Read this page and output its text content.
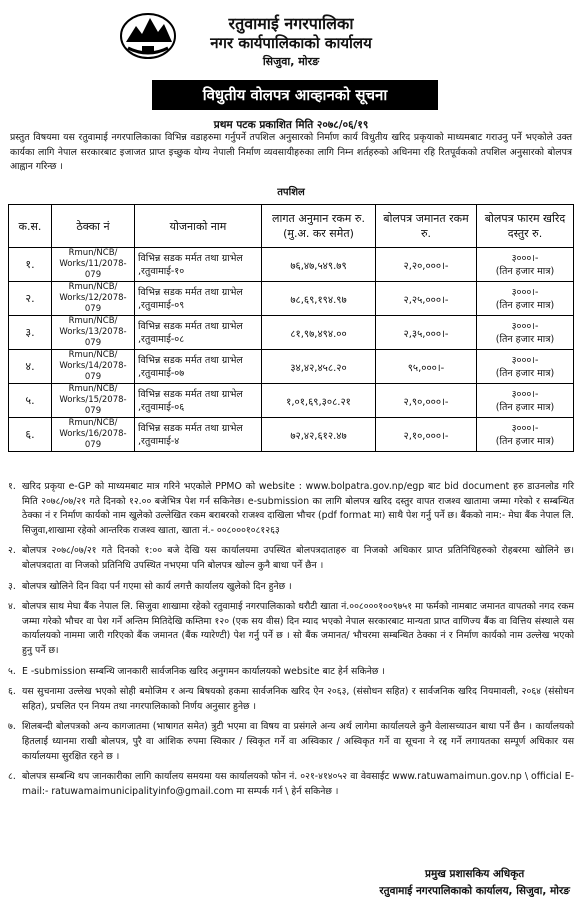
रतुवामाई नगरपालिका
नगर कार्यपालिकाको कार्यालय
सिजुवा, मोरङ
विधुतीय वोलपत्र आव्हानको सूचना
प्रथम पटक प्रकाशित मिति २०७८/०६/१९
प्रस्तुत विषयमा यस रतुवामाई नगरपालिकाका विभिन्न वडाहरुमा गर्नुपर्ने तपशिल अनुसारको निर्माण कार्य विधुतीय खरिद प्रकृयाको माध्यमबाट गराउनु पर्ने भएकोले उक्त कार्यका लागि नेपाल सरकारबाट इजाजत प्राप्त इच्छुक योग्य नेपाली निर्माण व्यवसायीहरुका लागि निम्न शर्तहरुको अधिनमा रहि रितपूर्वकको तपशिल अनुसारको बोलपत्र आह्वान गरिन्छ ।
तपशिल
क.स.	ठेक्का नं	योजनाको नाम	लागत अनुमान रकम रु. (मु.अ. कर समेत)	बोलपत्र जमानत रकम रु.	बोलपत्र फारम खरिद दस्तुर रु.
१.	Rmun/NCB/ Works/11/2078-079	विभिन्न सडक मर्मत तथा ग्राभेल ,रतुवामाई-१०	७६,४७,५४९.७९	२,२०,०००।-	३०००।-
(तिन हजार मात्र)

२.	Rmun/NCB/ Works/12/2078-079	विभिन्न सडक मर्मत तथा ग्राभेल ,रतुवामाई-०९	७८,६९,१९४.९७	२,२५,०००।-	३०००।-
(तिन हजार मात्र)

३.	Rmun/NCB/ Works/13/2078-079	विभिन्न सडक मर्मत तथा ग्राभेल ,रतुवामाई-०८	८१,९७,४९४.००	२,३५,०००।-	३०००।-
(तिन हजार मात्र)

४.	Rmun/NCB/ Works/14/2078-079	विभिन्न सडक मर्मत तथा ग्राभेल ,रतुवामाई-०७	३४,४२,४५८.२०	९५,०००।-	३०००।-
(तिन हजार मात्र)

५.	Rmun/NCB/ Works/15/2078-079	विभिन्न सडक मर्मत तथा ग्राभेल ,रतुवामाई-०६	१,०१,६९,३०८.२१	२,९०,०००।-	३०००।-
(तिन हजार मात्र)

६.	Rmun/NCB/ Works/16/2078-079	विभिन्न सडक मर्मत तथा ग्राभेल ,रतुवामाई-४	७२,४२,६१२.४७	२,१०,०००।-	३०००।-
(तिन हजार मात्र)
१. खरिद प्रकृया e-GP को माध्यमबाट मात्र गरिने भएकोले PPMO को website : www.bolpatra.gov.np/egp बाट bid document हरु डाउनलोड गरि मिति २०७८/०७/२१ गते दिनको १२.०० बजेभित्र पेश गर्न सकिनेछ। e-submission का लागि बोलपत्र खरिद दस्तुर वापत राजश्व खातामा जम्मा गरेको र सम्बन्धित ठेक्का नं र निर्माण कार्यको नाम खुलेको उल्लेखित रकम बराबरको राजश्व दाखिला भौचर (pdf format मा) साथै पेश गर्नु पर्ने छ। बैंकको नाम:- मेघा बैंक नेपाल लि. सिजुवा,शाखामा रहेको आन्तरिक राजश्व खाता, खाता नं.- ००८०००१०८१२६३
२. बोलपत्र २०७८/०७/२१ गते दिनको १:०० बजे देखि यस कार्यालयमा उपस्थित बोलपत्रदाताहरु वा निजको अधिकार प्राप्त प्रतिनिधिहरुको रोहबरमा खोलिने छ। बोलपत्रदाता वा निजको प्रतिनिधि उपस्थित नभएमा पनि बोलपत्र खोल्न कुनै बाधा पर्ने छैन ।
३. बोलपत्र खोलिने दिन विदा पर्न गएमा सो कार्य लगत्तै कार्यालय खुलेको दिन हुनेछ ।
४. बोलपत्र साथ मेघा बैंक नेपाल लि. सिजुवा शाखामा रहेको रतुवामाई नगरपालिकाको धरौटी खाता नं.००८०००१००९७५१ मा फर्मको नामबाट जमानत वापतको नगद रकम जम्मा गरेको भौचर वा पेश गर्ने अन्तिम मितिदेखि कम्तिमा १२० (एक सय वीस) दिन म्याद भएको नेपाल सरकारबाट मान्यता प्राप्त वाणिज्य बैंक वा वित्तिय संस्थाले यस कार्यालयको नाममा जारी गरिएको बैंक जमानत (बैंक ग्यारेण्टी) पेश गर्नु पर्ने छ । सो बैंक जमानत/ भौचरमा सम्बन्धित ठेक्का नं र निर्माण कार्यको नाम उल्लेख भएको हुनु पर्ने छ।
५. E -submission सम्बन्धि जानकारी सार्वजनिक खरिद अनुगमन कार्यालयको website बाट हेर्न सकिनेछ ।
६. यस सुचनामा उल्लेख भएको सोही बमोजिम र अन्य बिषयको हकमा सार्वजनिक खरिद ऐन २०६३, (संसोधन सहित) र सार्वजनिक खरिद नियमावली, २०६४ (संसोधन सहित), प्रचलित एन नियम तथा नगरपालिकाको निर्णय अनुसार हुनेछ ।
७. शिलबन्दी बोलपत्रको अन्य कागजातमा (भाषागत समेत) त्रुटी भएमा वा विषय वा प्रसंगले अन्य अर्थ लागेमा कार्यालयले कुनै वेलासच्याउन बाधा पर्ने छैन । कार्यालयको हितलाई ध्यानमा राखी बोलपत्र, पुरै वा आंशिक रुपमा स्विकार / स्विकृत गर्ने वा अस्विकार / अस्विकृत गर्ने वा सूचना ने रद्द गर्ने लगायतका सम्पूर्ण अधिकार यस कार्यालयमा सुरक्षित रहने छ ।
८. बोलपत्र सम्बन्धि थप जानकारीका लागि कार्यालय समयमा यस कार्यालयको फोन नं. ०२१-४१४०५२ वा वेवसाईट www.ratuwamaimun.gov.np \ official E-mail:- ratuwamaimunicipalityinfo@gmail.com मा सम्पर्क गर्न \ हेर्न सकिनेछ ।
प्रमुख प्रशासकिय अधिकृत
रतुवामाई नगरपालिकाको कार्यालय, सिजुवा, मोरङ
